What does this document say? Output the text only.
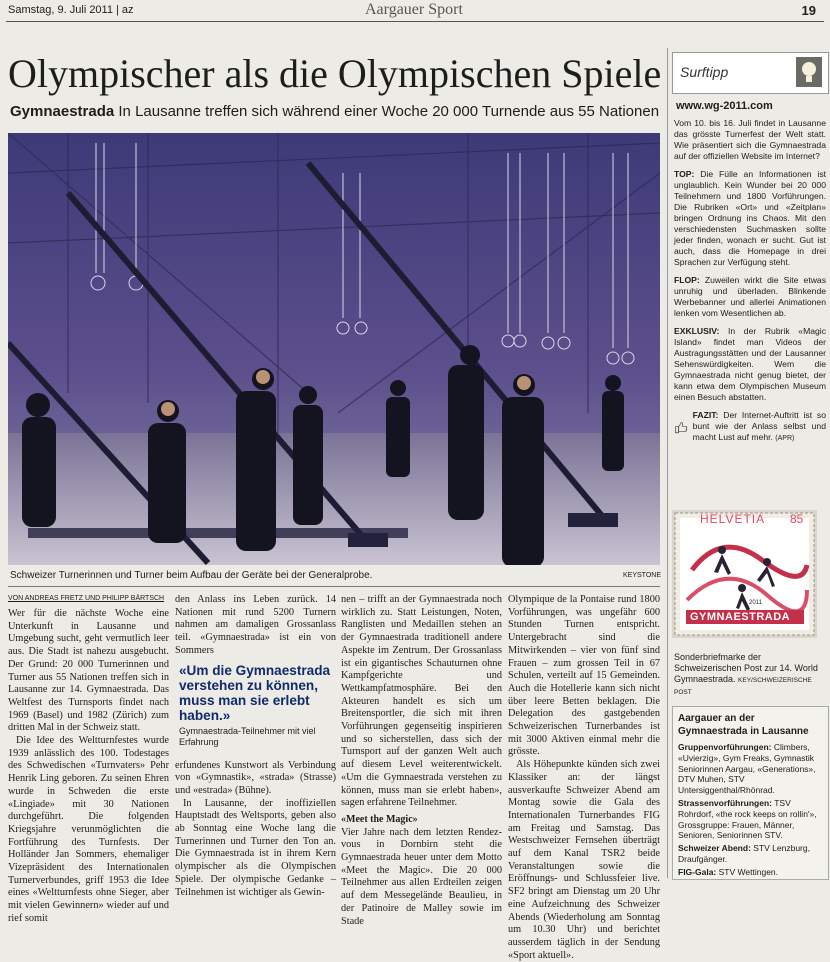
Samstag, 9. Juli 2011 | az	Aargauer Sport	19
Olympischer als die Olympischen Spiele
Gymnaestrada In Lausanne treffen sich während einer Woche 20 000 Turnende aus 55 Nationen
Schweizer Turnerinnen und Turner beim Aufbau der Geräte bei der Generalprobe.	KEYSTONE
VON ANDREAS FRETZ UND PHILIPP BÄRTSCH

Wer für die nächste Woche eine Unterkunft in Lausanne und Umgebung sucht, geht vermutlich leer aus. Die Stadt ist nahezu ausgebucht. Der Grund: 20 000 Turnerinnen und Turner aus 55 Nationen treffen sich in Lausanne zur 14. Gymnaestrada. Das Weltfest des Turnsports findet nach 1969 (Basel) und 1982 (Zürich) zum dritten Mal in der Schweiz statt.

Die Idee des Weltturnfestes wurde 1939 anlässlich des 100. Todestages des Schwedischen «Turnvaters» Pehr Henrik Ling geboren. Zu seinen Ehren wurde in Schweden die erste «Lingiade» mit 30 Nationen durchgeführt. Die folgenden Kriegsjahre verunmöglichten die Fortführung des Turnfests. Der Holländer Jan Sommers, ehemaliger Vizepräsident des Internationalen Turnerverbundes, griff 1953 die Idee eines «Weltturnfests ohne Sieger, aber mit vielen Gewinnern» wieder auf und rief somit

den Anlass ins Leben zurück. 14 Nationen mit rund 5200 Turnern nahmen am damaligen Grossanlass teil. «Gymnaestrada» ist ein von Sommers

«Um die Gymnaestrada verstehen zu können, muss man sie erlebt haben.»
Gymnaestrada-Teilnehmer mit viel Erfahrung

erfundenes Kunstwort als Verbindung von «Gymnastik», «strada» (Strasse) und «estrada» (Bühne).

In Lausanne, der inoffiziellen Hauptstadt des Weltsports, geben also ab Sonntag eine Woche lang die Turnerinnen und Turner den Ton an. Die Gymnaestrada ist in ihrem Kern olympischer als die Olympischen Spiele. Der olympische Gedanke – Teilnehmen ist wichtiger als Gewin-

nen – trifft an der Gymnaestrada noch wirklich zu. Statt Leistungen, Noten, Ranglisten und Medaillen stehen an der Gymnaestrada traditionell andere Aspekte im Zentrum. Der Grossanlass ist ein gigantisches Schauturnen ohne Kampfgerichte und Wettkampfatmosphäre. Bei den Akteuren handelt es sich um Breitensportler, die sich mit ihren Vorführungen gegenseitig inspirieren und so sicherstellen, dass sich der Turnsport auf der ganzen Welt auch auf diesem Level weiterentwickelt. «Um die Gymnaestrada verstehen zu können, muss man sie erlebt haben», sagen erfahrene Teilnehmer.

«Meet the Magic»

Vier Jahre nach dem letzten Rendez-vous in Dornbirn steht die Gymnaestrada heuer unter dem Motto «Meet the Magic». Die 20 000 Teilnehmer aus allen Erdteilen zeigen auf dem Messegelände Beaulieu, in der Patinoire de Malley sowie im Stade

Olympique de la Pontaise rund 1800 Vorführungen, was ungefähr 600 Stunden Turnen entspricht. Untergebracht sind die Mitwirkenden – vier von fünf sind Frauen – zum grossen Teil in 67 Schulen, verteilt auf 15 Gemeinden. Auch die Hotellerie kann sich nicht über leere Betten beklagen. Die Delegation des gastgebenden Schweizerischen Turnerbandes ist mit 3000 Aktiven einmal mehr die grösste.

Als Höhepunkte künden sich zwei Klassiker an: der längst ausverkaufte Schweizer Abend am Montag sowie die Gala des Internationalen Turnerbandes FIG am Freitag und Samstag. Das Westschweizer Fernsehen überträgt auf dem Kanal TSR2 beide Veranstaltungen sowie die Eröffnungs- und Schlussfeier live. SF2 bringt am Dienstag um 20 Uhr eine Aufzeichnung des Schweizer Abends (Wiederholung am Sonntag um 10.30 Uhr) und berichtet ausserdem täglich in der Sendung «Sport aktuell».

Surftipp
www.wg-2011.com

Vom 10. bis 16. Juli findet in Lausanne das grösste Turnerfest der Welt statt. Wie präsentiert sich die Gymnaestrada auf der offiziellen Website im Internet?

TOP: Die Fülle an Informationen ist unglaublich. Kein Wunder bei 20 000 Teilnehmern und 1800 Vorführungen. Die Rubriken «Ort» und «Zeitplan» bringen Ordnung ins Chaos. Mit den verschiedensten Suchmasken sollte jeder finden, wonach er sucht. Gut ist auch, dass die Homepage in drei Sprachen zur Verfügung steht.

FLOP: Zuweilen wirkt die Site etwas unruhig und überladen. Blinkende Werbebanner und allerlei Animationen lenken vom Wesentlichen ab.

EXKLUSIV: In der Rubrik «Magic Island» findet man Videos der Austragungsstätten und der Lausanner Sehenswürdigkeiten. Wem die Gymnaestrada nicht genug bietet, der kann etwa dem Olympischen Museum einen Besuch abstatten.

FAZIT: Der Internet-Auftritt ist so bunt wie der Anlass selbst und macht Lust auf mehr. (APR)

HELVETIA 85
2011
GYMNAESTRADA
Sonderbriefmarke der Schweizerischen Post zur 14. World Gymnaestrada. KEY/SCHWEIZERISCHE POST
Aargauer an der Gymnaestrada in Lausanne

Gruppenvorführungen: Climbers, «Uvierzig», Gym Freaks, Gymnastik Seniorinnen Aargau, «Generations», DTV Muhen, STV Untersiggenthal/Rhönrad.

Strassenvorführungen: TSV Rohrdorf, «the rock keeps on rollin'», Grossgruppe: Frauen, Männer, Senioren, Seniorinnen STV.

Schweizer Abend: STV Lenzburg, Draufgänger.

FIG-Gala: STV Wettingen.
